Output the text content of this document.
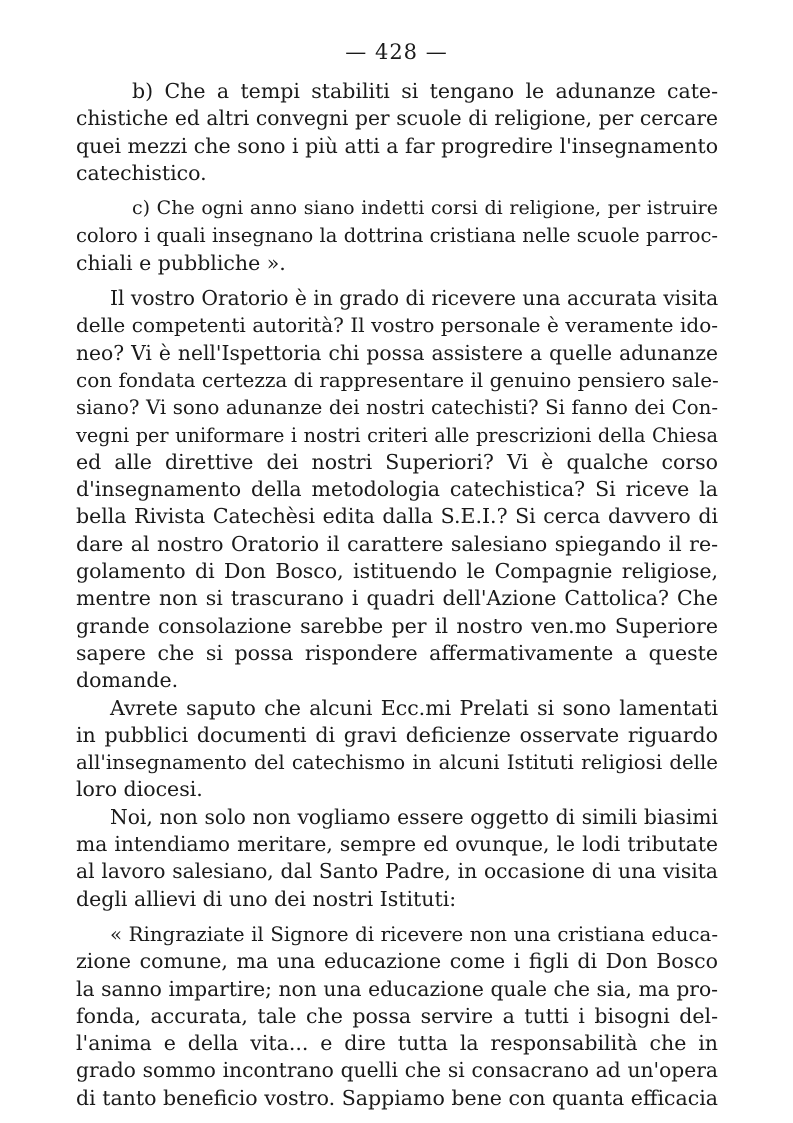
— 428 —
b) Che a tempi stabiliti si tengano le adunanze cate-
chistiche ed altri convegni per scuole di religione, per cercare
quei mezzi che sono i più atti a far progredire l'insegnamento
catechistico.
c) Che ogni anno siano indetti corsi di religione, per istruire
coloro i quali insegnano la dottrina cristiana nelle scuole parroc-
chiali e pubbliche ».
Il vostro Oratorio è in grado di ricevere una accurata visita
delle competenti autorità? Il vostro personale è veramente ido-
neo? Vi è nell'Ispettoria chi possa assistere a quelle adunanze
con fondata certezza di rappresentare il genuino pensiero sale-
siano? Vi sono adunanze dei nostri catechisti? Si fanno dei Con-
vegni per uniformare i nostri criteri alle prescrizioni della Chiesa
ed alle direttive dei nostri Superiori? Vi è qualche corso
d'insegnamento della metodologia catechistica? Si riceve la
bella Rivista Catechèsi edita dalla S.E.I.? Si cerca davvero di
dare al nostro Oratorio il carattere salesiano spiegando il re-
golamento di Don Bosco, istituendo le Compagnie religiose,
mentre non si trascurano i quadri dell'Azione Cattolica? Che
grande consolazione sarebbe per il nostro ven.mo Superiore
sapere che si possa rispondere affermativamente a queste
domande.
Avrete saputo che alcuni Ecc.mi Prelati si sono lamentati
in pubblici documenti di gravi deficienze osservate riguardo
all'insegnamento del catechismo in alcuni Istituti religiosi delle
loro diocesi.
Noi, non solo non vogliamo essere oggetto di simili biasimi
ma intendiamo meritare, sempre ed ovunque, le lodi tributate
al lavoro salesiano, dal Santo Padre, in occasione di una visita
degli allievi di uno dei nostri Istituti:
« Ringraziate il Signore di ricevere non una cristiana educa-
zione comune, ma una educazione come i figli di Don Bosco
la sanno impartire; non una educazione quale che sia, ma pro-
fonda, accurata, tale che possa servire a tutti i bisogni del-
l'anima e della vita... e dire tutta la responsabilità che in
grado sommo incontrano quelli che si consacrano ad un'opera
di tanto beneficio vostro. Sappiamo bene con quanta efficacia
